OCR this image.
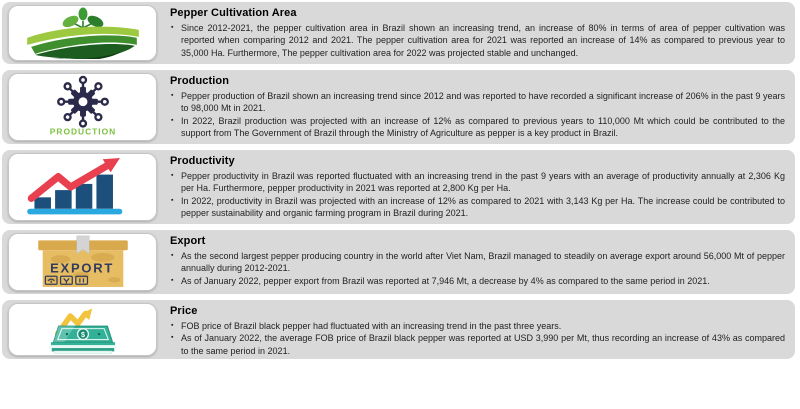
Pepper Cultivation Area
▪ Since 2012-2021, the pepper cultivation area in Brazil shown an increasing trend, an increase of 80% in terms of area of pepper cultivation was reported when comparing 2012 and 2021. The pepper cultivation area for 2021 was reported an increase of 14% as compared to previous year to 35,000 Ha. Furthermore, The pepper cultivation area for 2022 was projected stable and unchanged.
PRODUCTION
Production
▪ Pepper production of Brazil shown an increasing trend since 2012 and was reported to have recorded a significant increase of 206% in the past 9 years to 98,000 Mt in 2021.
▪ In 2022, Brazil production was projected with an increase of 12% as compared to previous years to 110,000 Mt which could be contributed to the support from The Government of Brazil through the Ministry of Agriculture as pepper is a key product in Brazil.
Productivity
▪ Pepper productivity in Brazil was reported fluctuated with an increasing trend in the past 9 years with an average of productivity annually at 2,306 Kg per Ha. Furthermore, pepper productivity in 2021 was reported at 2,800 Kg per Ha.
▪ In 2022, productivity in Brazil was projected with an increase of 12% as compared to 2021 with 3,143 Kg per Ha. The increase could be contributed to pepper sustainability and organic farming program in Brazil during 2021.
EXPORT
Export
▪ As the second largest pepper producing country in the world after Viet Nam, Brazil managed to steadily on average export around 56,000 Mt of pepper annually during 2012-2021.
▪ As of January 2022, pepper export from Brazil was reported at 7,946 Mt, a decrease by 4% as compared to the same period in 2021.
$
Price
▪ FOB price of Brazil black pepper had fluctuated with an increasing trend in the past three years.
▪ As of January 2022, the average FOB price of Brazil black pepper was reported at USD 3,990 per Mt, thus recording an increase of 43% as compared to the same period in 2021.
